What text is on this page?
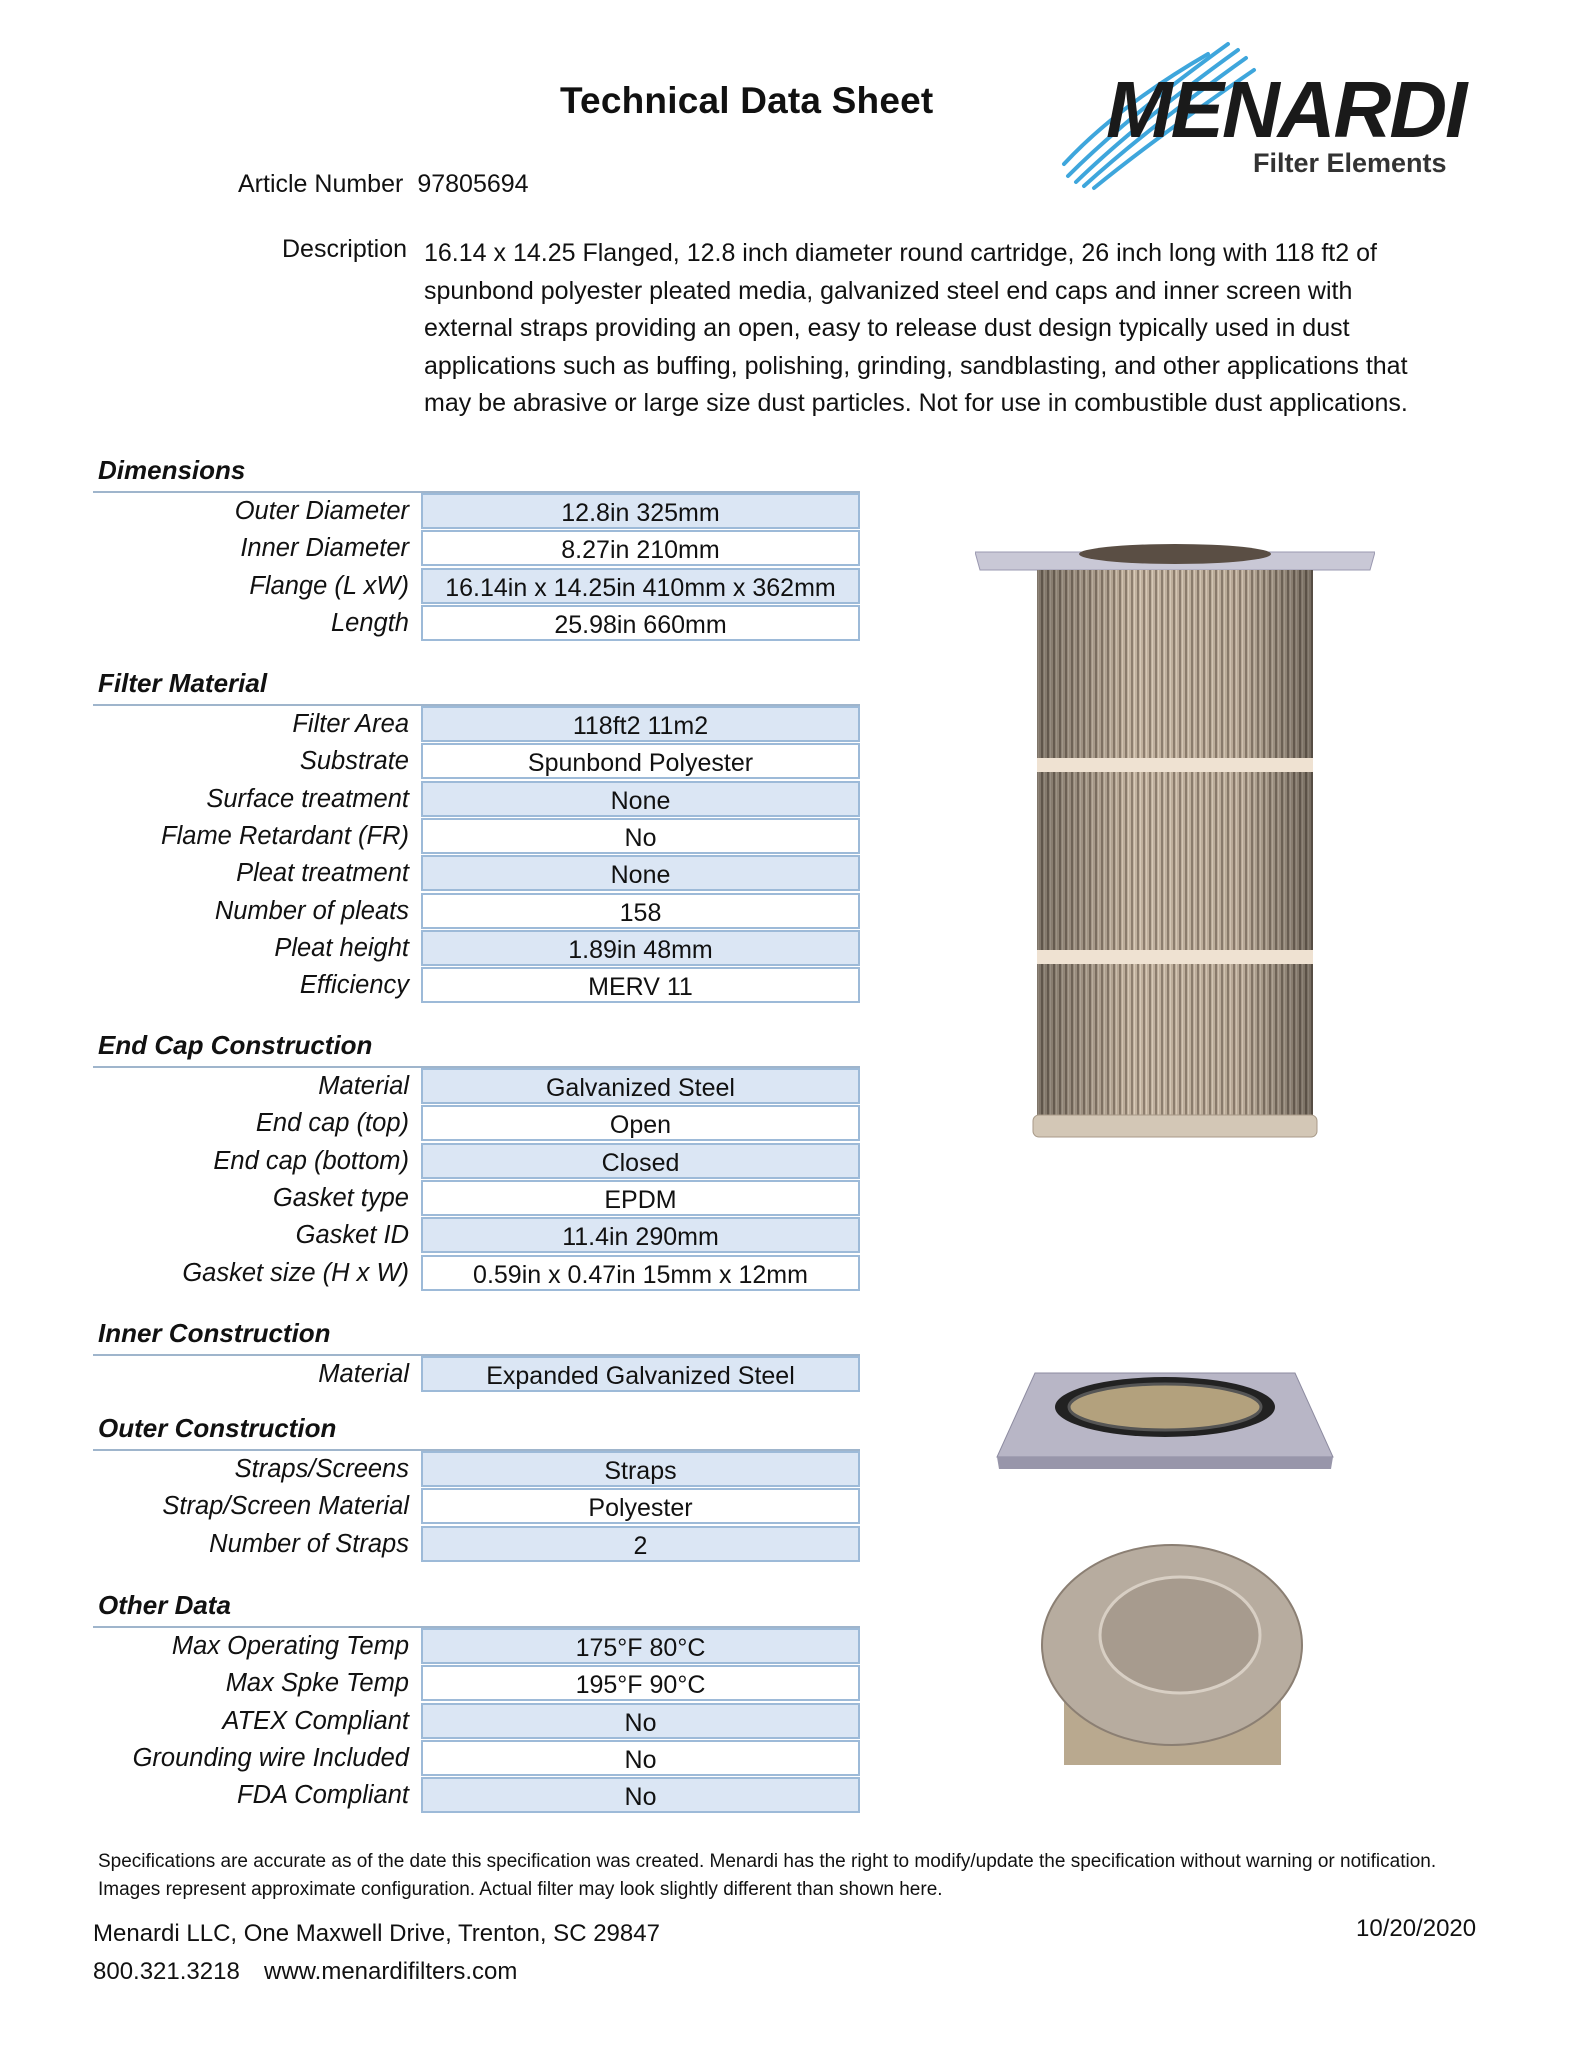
Technical Data Sheet MENARDI
Filter Elements
Article Number 97805694
Description 16.14 x 14.25 Flanged, 12.8 inch diameter round cartridge, 26 inch long with 118 ft2 of
spunbond polyester pleated media, galvanized steel end caps and inner screen with
external straps providing an open, easy to release dust design typically used in dust
applications such as buffing, polishing, grinding, sandblasting, and other applications that
may be abrasive or large size dust particles. Not for use in combustible dust applications.
Dimensions
Outer Diameter	12.8in 325mm
Inner Diameter	8.27in 210mm
Flange (L xW)	16.14in x 14.25in 410mm x 362mm
Length	25.98in 660mm
Filter Material
Filter Area	118ft2 11m2
Substrate	Spunbond Polyester
Surface treatment	None
Flame Retardant (FR)	No
Pleat treatment	None
Number of pleats	158
Pleat height	1.89in 48mm
Efficiency	MERV 11
End Cap Construction
Material	Galvanized Steel
End cap (top)	Open
End cap (bottom)	Closed
Gasket type	EPDM
Gasket ID	11.4in 290mm
Gasket size (H x W)	0.59in x 0.47in 15mm x 12mm
Inner Construction
Material	Expanded Galvanized Steel
Outer Construction
Straps/Screens	Straps
Strap/Screen Material	Polyester
Number of Straps	2
Other Data
Max Operating Temp	175°F 80°C
Max Spke Temp	195°F 90°C
ATEX Compliant	No
Grounding wire Included	No
FDA Compliant	No
Specifications are accurate as of the date this specification was created. Menardi has the right to modify/update the specification without warning or notification.
Images represent approximate configuration. Actual filter may look slightly different than shown here.
Menardi LLC, One Maxwell Drive, Trenton, SC 29847
800.321.3218 www.menardifilters.com
10/20/2020
